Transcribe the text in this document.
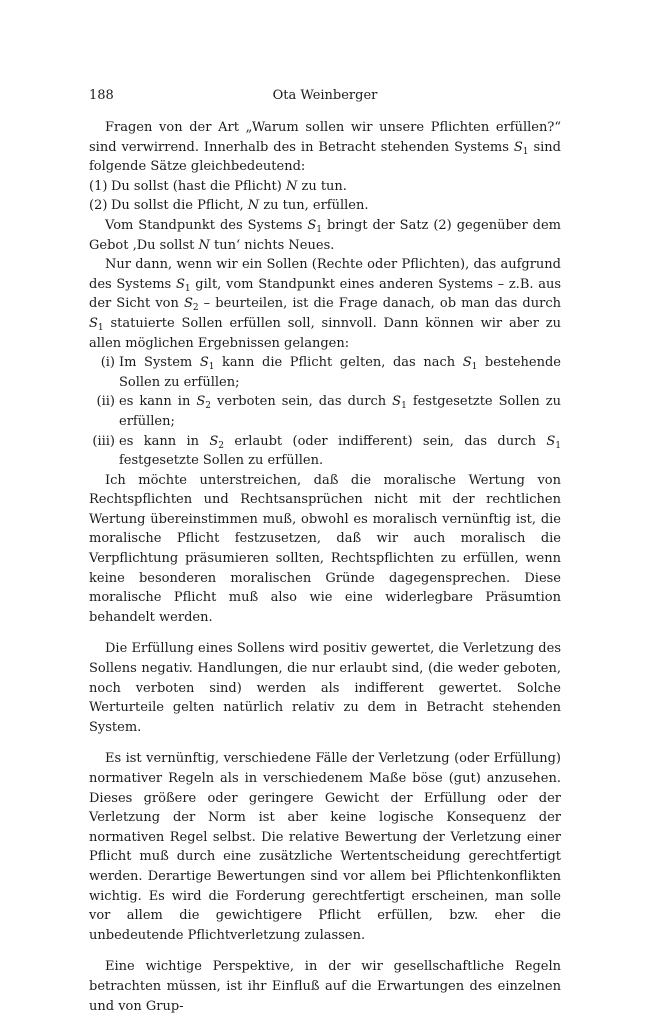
188	Ota Weinberger

Fragen von der Art „Warum sollen wir unsere Pflichten erfüllen?“ sind verwirrend. Innerhalb des in Betracht stehenden Systems $S_1$ sind folgende Sätze gleichbedeutend:

(1) Du sollst (hast die Pflicht) N zu tun.
(2) Du sollst die Pflicht, N zu tun, erfüllen.

Vom Standpunkt des Systems $S_1$ bringt der Satz (2) gegenüber dem Gebot ‚Du sollst N tun‘ nichts Neues.

Nur dann, wenn wir ein Sollen (Rechte oder Pflichten), das aufgrund des Systems $S_1$ gilt, vom Standpunkt eines anderen Systems – z.B. aus der Sicht von $S_2$ – beurteilen, ist die Frage danach, ob man das durch $S_1$ statuierte Sollen erfüllen soll, sinnvoll. Dann können wir aber zu allen möglichen Ergebnissen gelangen:

(i) Im System $S_1$ kann die Pflicht gelten, das nach $S_1$ bestehende Sollen zu erfüllen;
(ii) es kann in $S_2$ verboten sein, das durch $S_1$ festgesetzte Sollen zu erfüllen;
(iii) es kann in $S_2$ erlaubt (oder indifferent) sein, das durch $S_1$ festgesetzte Sollen zu erfüllen.

Ich möchte unterstreichen, daß die moralische Wertung von Rechtspflichten und Rechtsansprüchen nicht mit der rechtlichen Wertung übereinstimmen muß, obwohl es moralisch vernünftig ist, die moralische Pflicht festzusetzen, daß wir auch moralisch die Verpflichtung präsumieren sollten, Rechtspflichten zu erfüllen, wenn keine besonderen moralischen Gründe dagegensprechen. Diese moralische Pflicht muß also wie eine widerlegbare Präsumtion behandelt werden.

Die Erfüllung eines Sollens wird positiv gewertet, die Verletzung des Sollens negativ. Handlungen, die nur erlaubt sind, (die weder geboten, noch verboten sind) werden als indifferent gewertet. Solche Werturteile gelten natürlich relativ zu dem in Betracht stehenden System.

Es ist vernünftig, verschiedene Fälle der Verletzung (oder Erfüllung) normativer Regeln als in verschiedenem Maße böse (gut) anzusehen. Dieses größere oder geringere Gewicht der Erfüllung oder der Verletzung der Norm ist aber keine logische Konsequenz der normativen Regel selbst. Die relative Bewertung der Verletzung einer Pflicht muß durch eine zusätzliche Wertentscheidung gerechtfertigt werden. Derartige Bewertungen sind vor allem bei Pflichtenkonflikten wichtig. Es wird die Forderung gerechtfertigt erscheinen, man solle vor allem die gewichtigere Pflicht erfüllen, bzw. eher die unbedeutende Pflichtverletzung zulassen.

Eine wichtige Perspektive, in der wir gesellschaftliche Regeln betrachten müssen, ist ihr Einfluß auf die Erwartungen des einzelnen und von Grup-
